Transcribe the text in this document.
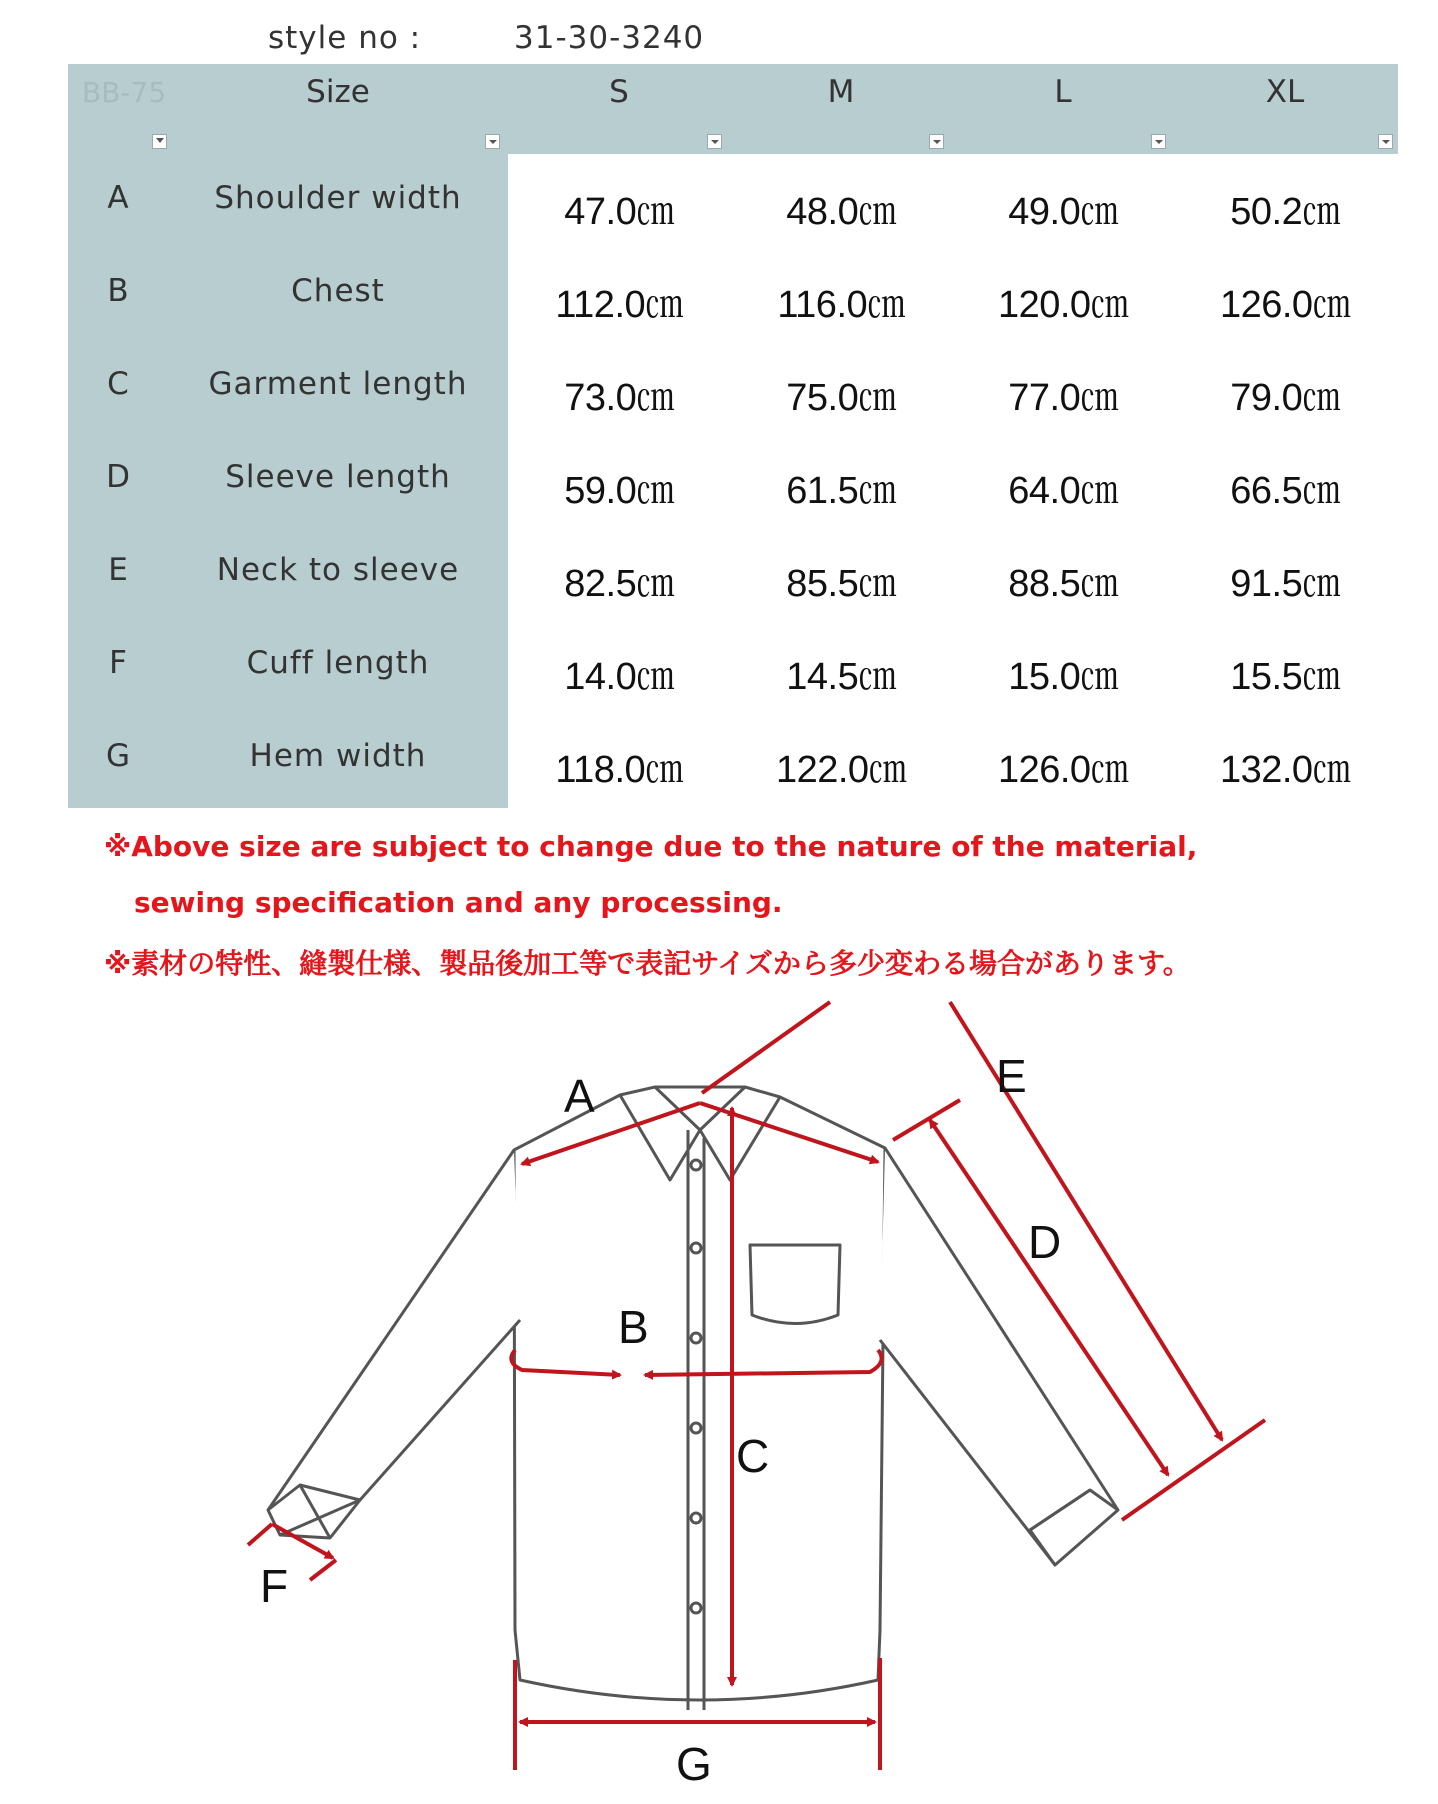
style no :	31-30-3240
BB-75	Size	S	M	L	XL
A	Shoulder width	47.0㎝	48.0㎝	49.0㎝	50.2㎝
B	Chest	112.0㎝	116.0㎝	120.0㎝	126.0㎝
C	Garment length	73.0㎝	75.0㎝	77.0㎝	79.0㎝
D	Sleeve length	59.0㎝	61.5㎝	64.0㎝	66.5㎝
E	Neck to sleeve	82.5㎝	85.5㎝	88.5㎝	91.5㎝
F	Cuff length	14.0㎝	14.5㎝	15.0㎝	15.5㎝
G	Hem width	118.0㎝	122.0㎝	126.0㎝	132.0㎝
※Above size are subject to change due to the nature of the material,
sewing specification and any processing.
※素材の特性、縫製仕様、製品後加工等で表記サイズから多少変わる場合があります。
A
B
C
D
E
F
G
